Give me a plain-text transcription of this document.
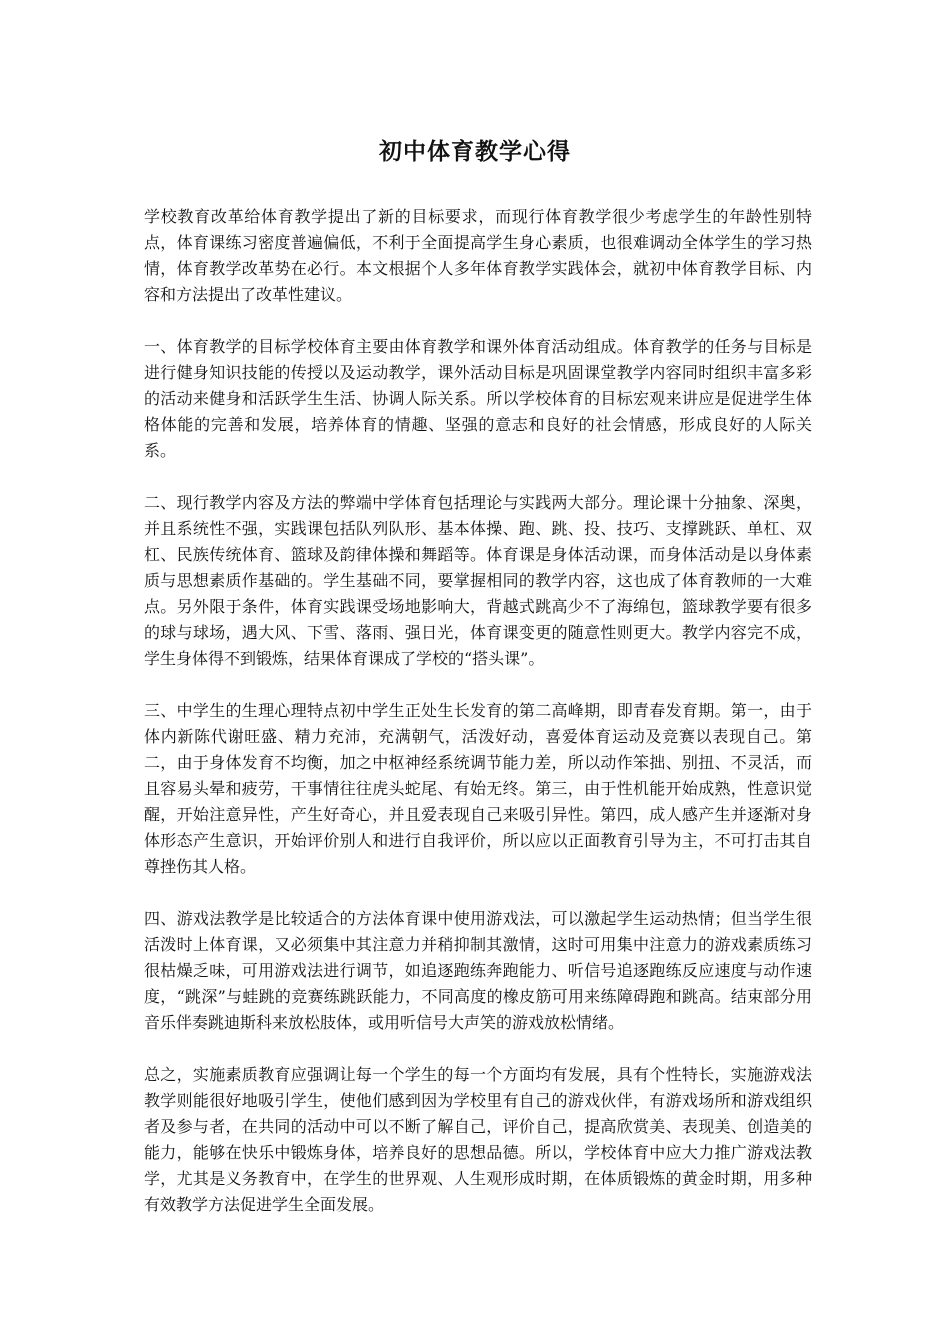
初中体育教学心得

学校教育改革给体育教学提出了新的目标要求，而现行体育教学很少考虑学生的年龄性别特点，体育课练习密度普遍偏低，不利于全面提高学生身心素质，也很难调动全体学生的学习热情，体育教学改革势在必行。本文根据个人多年体育教学实践体会，就初中体育教学目标、内容和方法提出了改革性建议。

一、体育教学的目标学校体育主要由体育教学和课外体育活动组成。体育教学的任务与目标是进行健身知识技能的传授以及运动教学，课外活动目标是巩固课堂教学内容同时组织丰富多彩的活动来健身和活跃学生生活、协调人际关系。所以学校体育的目标宏观来讲应是促进学生体格体能的完善和发展，培养体育的情趣、坚强的意志和良好的社会情感，形成良好的人际关系。

二、现行教学内容及方法的弊端中学体育包括理论与实践两大部分。理论课十分抽象、深奥，并且系统性不强，实践课包括队列队形、基本体操、跑、跳、投、技巧、支撑跳跃、单杠、双杠、民族传统体育、篮球及韵律体操和舞蹈等。体育课是身体活动课，而身体活动是以身体素质与思想素质作基础的。学生基础不同，要掌握相同的教学内容，这也成了体育教师的一大难点。另外限于条件，体育实践课受场地影响大，背越式跳高少不了海绵包，篮球教学要有很多的球与球场，遇大风、下雪、落雨、强日光，体育课变更的随意性则更大。教学内容完不成，学生身体得不到锻炼，结果体育课成了学校的“搭头课”。

三、中学生的生理心理特点初中学生正处生长发育的第二高峰期，即青春发育期。第一，由于体内新陈代谢旺盛、精力充沛，充满朝气，活泼好动，喜爱体育运动及竞赛以表现自己。第二，由于身体发育不均衡，加之中枢神经系统调节能力差，所以动作笨拙、别扭、不灵活，而且容易头晕和疲劳，干事情往往虎头蛇尾、有始无终。第三，由于性机能开始成熟，性意识觉醒，开始注意异性，产生好奇心，并且爱表现自己来吸引异性。第四，成人感产生并逐渐对身体形态产生意识，开始评价别人和进行自我评价，所以应以正面教育引导为主，不可打击其自尊挫伤其人格。

四、游戏法教学是比较适合的方法体育课中使用游戏法，可以激起学生运动热情；但当学生很活泼时上体育课，又必须集中其注意力并稍抑制其激情，这时可用集中注意力的游戏素质练习很枯燥乏味，可用游戏法进行调节，如追逐跑练奔跑能力、听信号追逐跑练反应速度与动作速度，“跳深”与蛙跳的竞赛练跳跃能力，不同高度的橡皮筋可用来练障碍跑和跳高。结束部分用音乐伴奏跳迪斯科来放松肢体，或用听信号大声笑的游戏放松情绪。

总之，实施素质教育应强调让每一个学生的每一个方面均有发展，具有个性特长，实施游戏法教学则能很好地吸引学生，使他们感到因为学校里有自己的游戏伙伴，有游戏场所和游戏组织者及参与者，在共同的活动中可以不断了解自己，评价自己，提高欣赏美、表现美、创造美的能力，能够在快乐中锻炼身体，培养良好的思想品德。所以，学校体育中应大力推广游戏法教学，尤其是义务教育中，在学生的世界观、人生观形成时期，在体质锻炼的黄金时期，用多种有效教学方法促进学生全面发展。
